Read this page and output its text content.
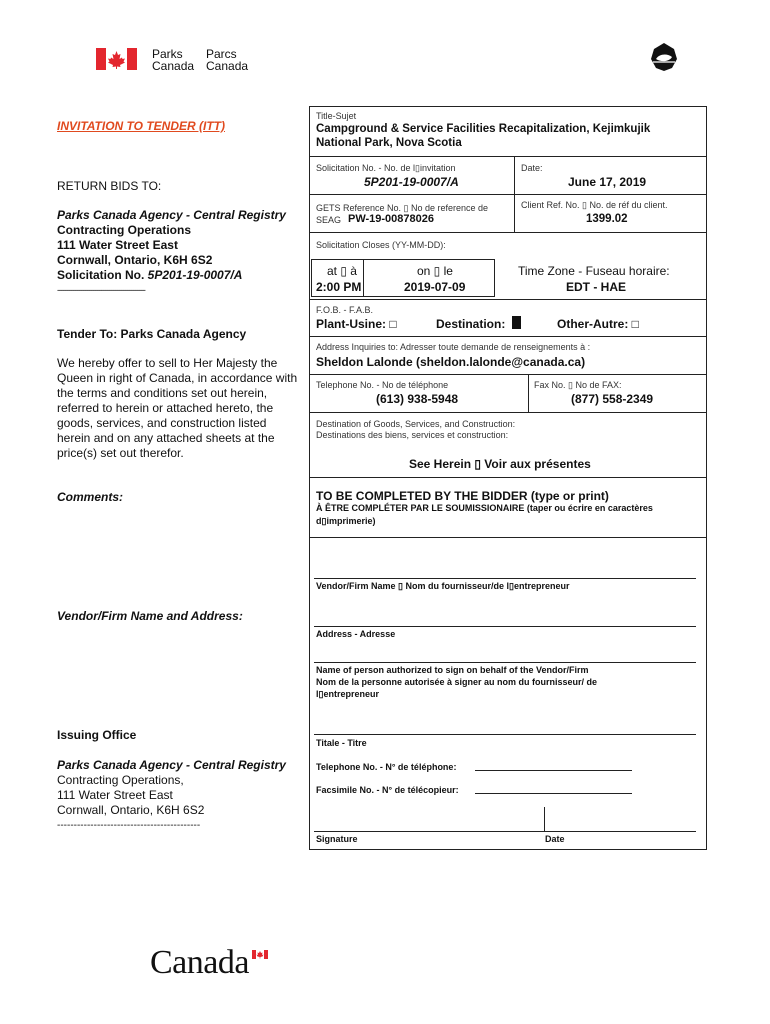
Parks
Canada
Parcs
Canada
INVITATION TO TENDER (ITT)
RETURN BIDS TO:
Parks Canada Agency - Central Registry
Contracting Operations
111 Water Street East
Cornwall, Ontario, K6H 6S2
Solicitation No. 5P201-19-0007/A
--------------------------------------------
Tender To: Parks Canada Agency
We hereby offer to sell to Her Majesty the
Queen in right of Canada, in accordance with
the terms and conditions set out herein,
referred to herein or attached hereto, the
goods, services, and construction listed
herein and on any attached sheets at the
price(s) set out therefor.
Comments:
Vendor/Firm Name and Address:
Issuing Office
Parks Canada Agency - Central Registry
Contracting Operations,
111 Water Street East
Cornwall, Ontario, K6H 6S2
-------------------------------------------
Title-Sujet
Campground & Service Facilities Recapitalization, Kejimkujik
National Park, Nova Scotia
Solicitation No. - No. de l▯invitation
5P201-19-0007/A
Date:
June 17, 2019
GETS Reference No. ▯ No de reference de
SEAG PW-19-00878026
Client Ref. No. ▯ No. de réf du client.
1399.02
Solicitation Closes (YY-MM-DD):
at ▯ à
2:00 PM
on ▯ le
2019-07-09
Time Zone - Fuseau horaire:
EDT - HAE
F.O.B. - F.A.B.
Plant-Usine: □	Destination:	Other-Autre: □
Address Inquiries to: Adresser toute demande de renseignements à :
Sheldon Lalonde (sheldon.lalonde@canada.ca)
Telephone No. - No de téléphone
(613) 938-5948
Fax No. ▯ No de FAX:
(877) 558-2349
Destination of Goods, Services, and Construction:
Destinations des biens, services et construction:
See Herein ▯ Voir aux présentes
TO BE COMPLETED BY THE BIDDER (type or print)
À ÊTRE COMPLÉTER PAR LE SOUMISSIONAIRE (taper ou écrire en caractères
d▯imprimerie)
Vendor/Firm Name ▯ Nom du fournisseur/de l▯entrepreneur
Address - Adresse
Name of person authorized to sign on behalf of the Vendor/Firm
Nom de la personne autorisée à signer au nom du fournisseur/ de
l▯entrepreneur
Titale - Titre
Telephone No. - N° de téléphone:
Facsimile No. - N° de télécopieur:
Signature	Date
Canada
